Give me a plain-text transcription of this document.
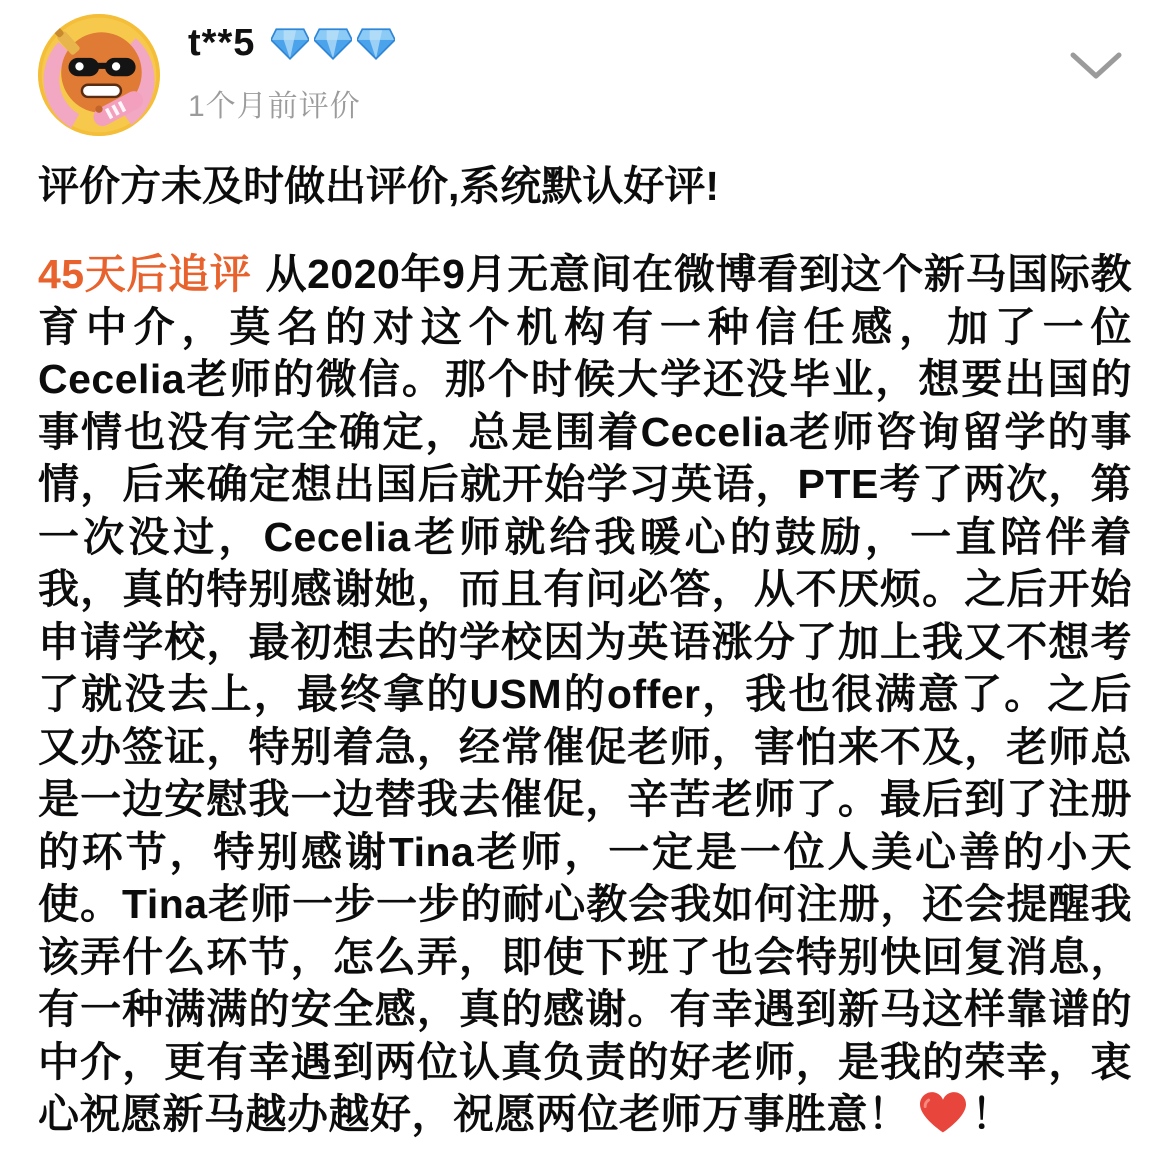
t**5
1个月前评价

评价方未及时做出评价,系统默认好评!

45天后追评 从2020年9月无意间在微博看到这个新马国际教育中介，莫名的对这个机构有一种信任感，加了一位Cecelia老师的微信。那个时候大学还没毕业，想要出国的事情也没有完全确定，总是围着Cecelia老师咨询留学的事情，后来确定想出国后就开始学习英语，PTE考了两次，第一次没过，Cecelia老师就给我暖心的鼓励，一直陪伴着我，真的特别感谢她，而且有问必答，从不厌烦。之后开始申请学校，最初想去的学校因为英语涨分了加上我又不想考了就没去上，最终拿的USM的offer，我也很满意了。之后又办签证，特别着急，经常催促老师，害怕来不及，老师总是一边安慰我一边替我去催促，辛苦老师了。最后到了注册的环节，特别感谢Tina老师，一定是一位人美心善的小天使。Tina老师一步一步的耐心教会我如何注册，还会提醒我该弄什么环节，怎么弄，即使下班了也会特别快回复消息，有一种满满的安全感，真的感谢。有幸遇到新马这样靠谱的中介，更有幸遇到两位认真负责的好老师，是我的荣幸，衷心祝愿新马越办越好，祝愿两位老师万事胜意！ ！
